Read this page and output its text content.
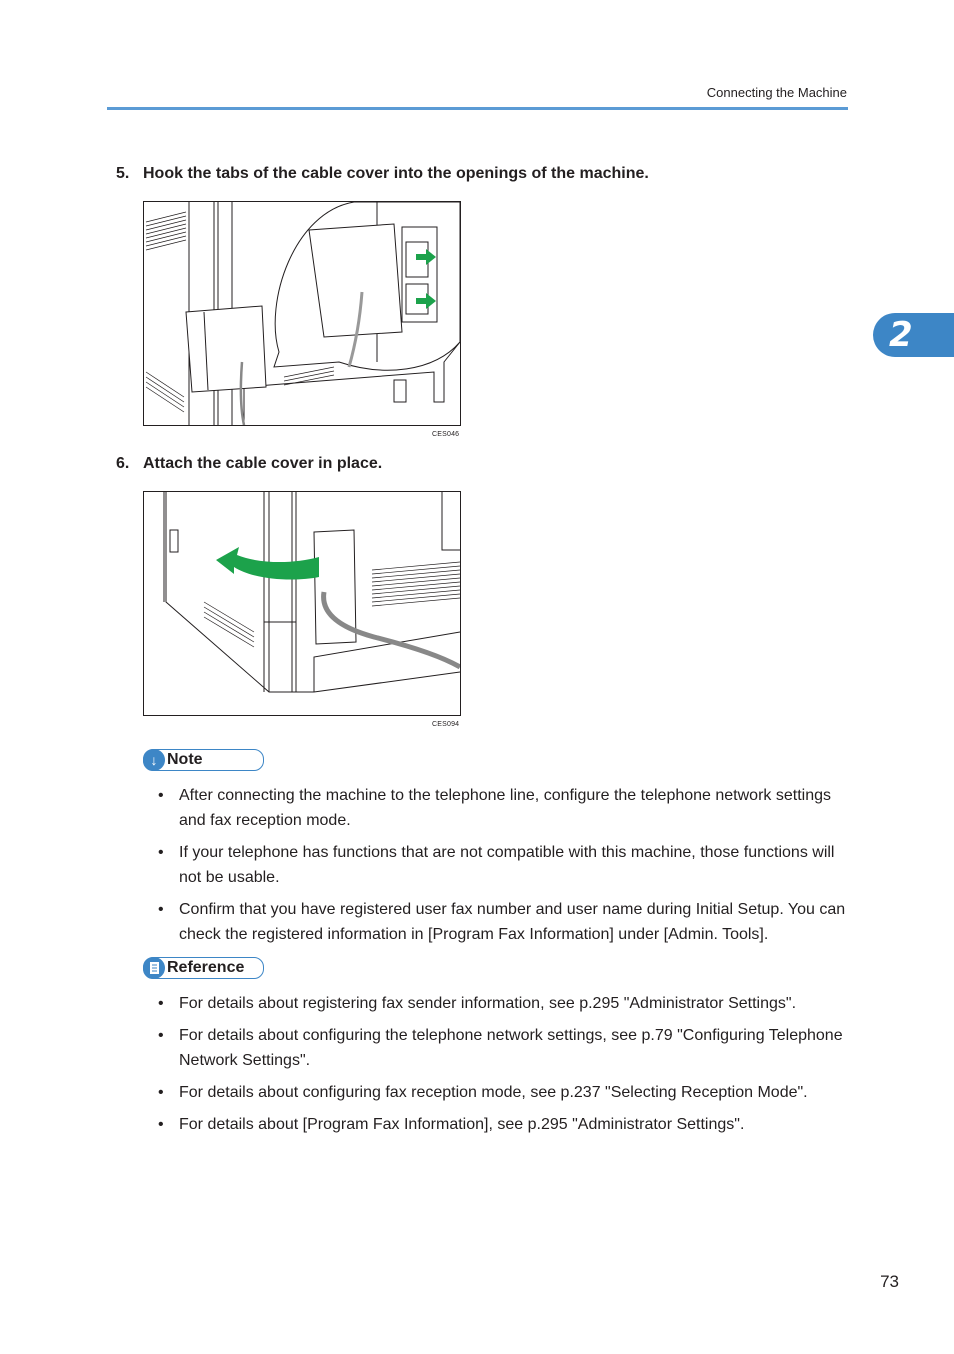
Connecting the Machine
2
5. Hook the tabs of the cable cover into the openings of the machine.
CES046
6. Attach the cable cover in place.
CES094
↓ Note
• After connecting the machine to the telephone line, configure the telephone network settings and fax reception mode.
• If your telephone has functions that are not compatible with this machine, those functions will not be usable.
• Confirm that you have registered user fax number and user name during Initial Setup. You can check the registered information in [Program Fax Information] under [Admin. Tools].
Reference
• For details about registering fax sender information, see p.295 "Administrator Settings".
• For details about configuring the telephone network settings, see p.79 "Configuring Telephone Network Settings".
• For details about configuring fax reception mode, see p.237 "Selecting Reception Mode".
• For details about [Program Fax Information], see p.295 "Administrator Settings".
73
